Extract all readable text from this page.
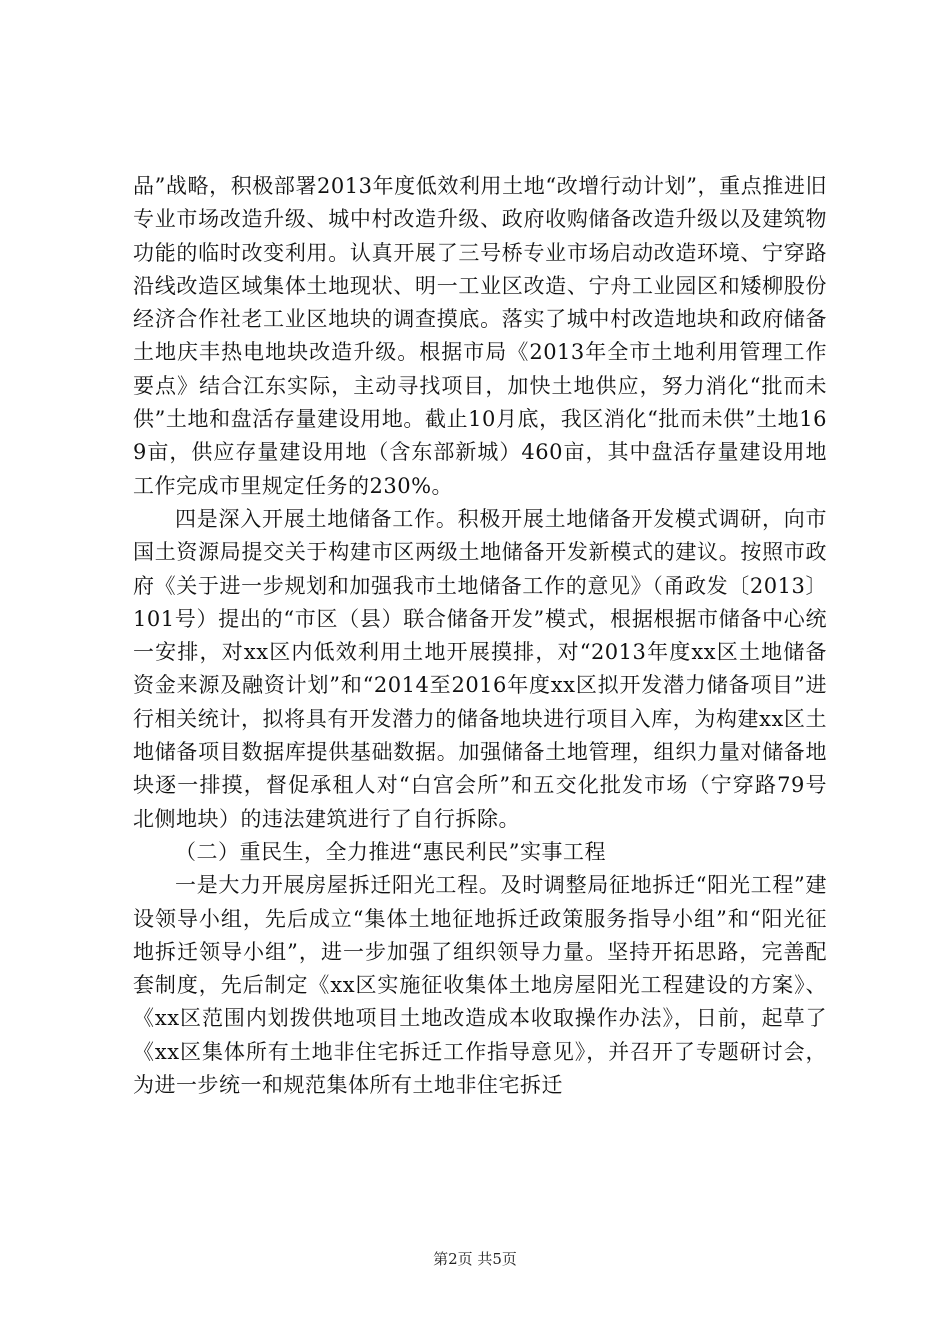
品”战略，积极部署2013年度低效利用土地“改增行动计划”，重点推进旧专业市场改造升级、城中村改造升级、政府收购储备改造升级以及建筑物功能的临时改变利用。认真开展了三号桥专业市场启动改造环境、宁穿路沿线改造区域集体土地现状、明一工业区改造、宁舟工业园区和矮柳股份经济合作社老工业区地块的调查摸底。落实了城中村改造地块和政府储备土地庆丰热电地块改造升级。根据市局《2013年全市土地利用管理工作要点》结合江东实际，主动寻找项目，加快土地供应，努力消化“批而未供”土地和盘活存量建设用地。截止10月底，我区消化“批而未供”土地169亩，供应存量建设用地（含东部新城）460亩，其中盘活存量建设用地工作完成市里规定任务的230%。

四是深入开展土地储备工作。积极开展土地储备开发模式调研，向市国土资源局提交关于构建市区两级土地储备开发新模式的建议。按照市政府《关于进一步规划和加强我市土地储备工作的意见》（甬政发〔2013〕101号）提出的“市区（县）联合储备开发”模式，根据根据市储备中心统一安排，对xx区内低效利用土地开展摸排，对“2013年度xx区土地储备资金来源及融资计划”和“2014至2016年度xx区拟开发潜力储备项目”进行相关统计，拟将具有开发潜力的储备地块进行项目入库，为构建xx区土地储备项目数据库提供基础数据。加强储备土地管理，组织力量对储备地块逐一排摸，督促承租人对“白宫会所”和五交化批发市场（宁穿路79号北侧地块）的违法建筑进行了自行拆除。

（二）重民生，全力推进“惠民利民”实事工程

一是大力开展房屋拆迁阳光工程。及时调整局征地拆迁“阳光工程”建设领导小组，先后成立“集体土地征地拆迁政策服务指导小组”和“阳光征地拆迁领导小组”，进一步加强了组织领导力量。坚持开拓思路，完善配套制度，先后制定《xx区实施征收集体土地房屋阳光工程建设的方案》、《xx区范围内划拨供地项目土地改造成本收取操作办法》，日前，起草了《xx区集体所有土地非住宅拆迁工作指导意见》，并召开了专题研讨会，为进一步统一和规范集体所有土地非住宅拆迁

第2页 共5页
